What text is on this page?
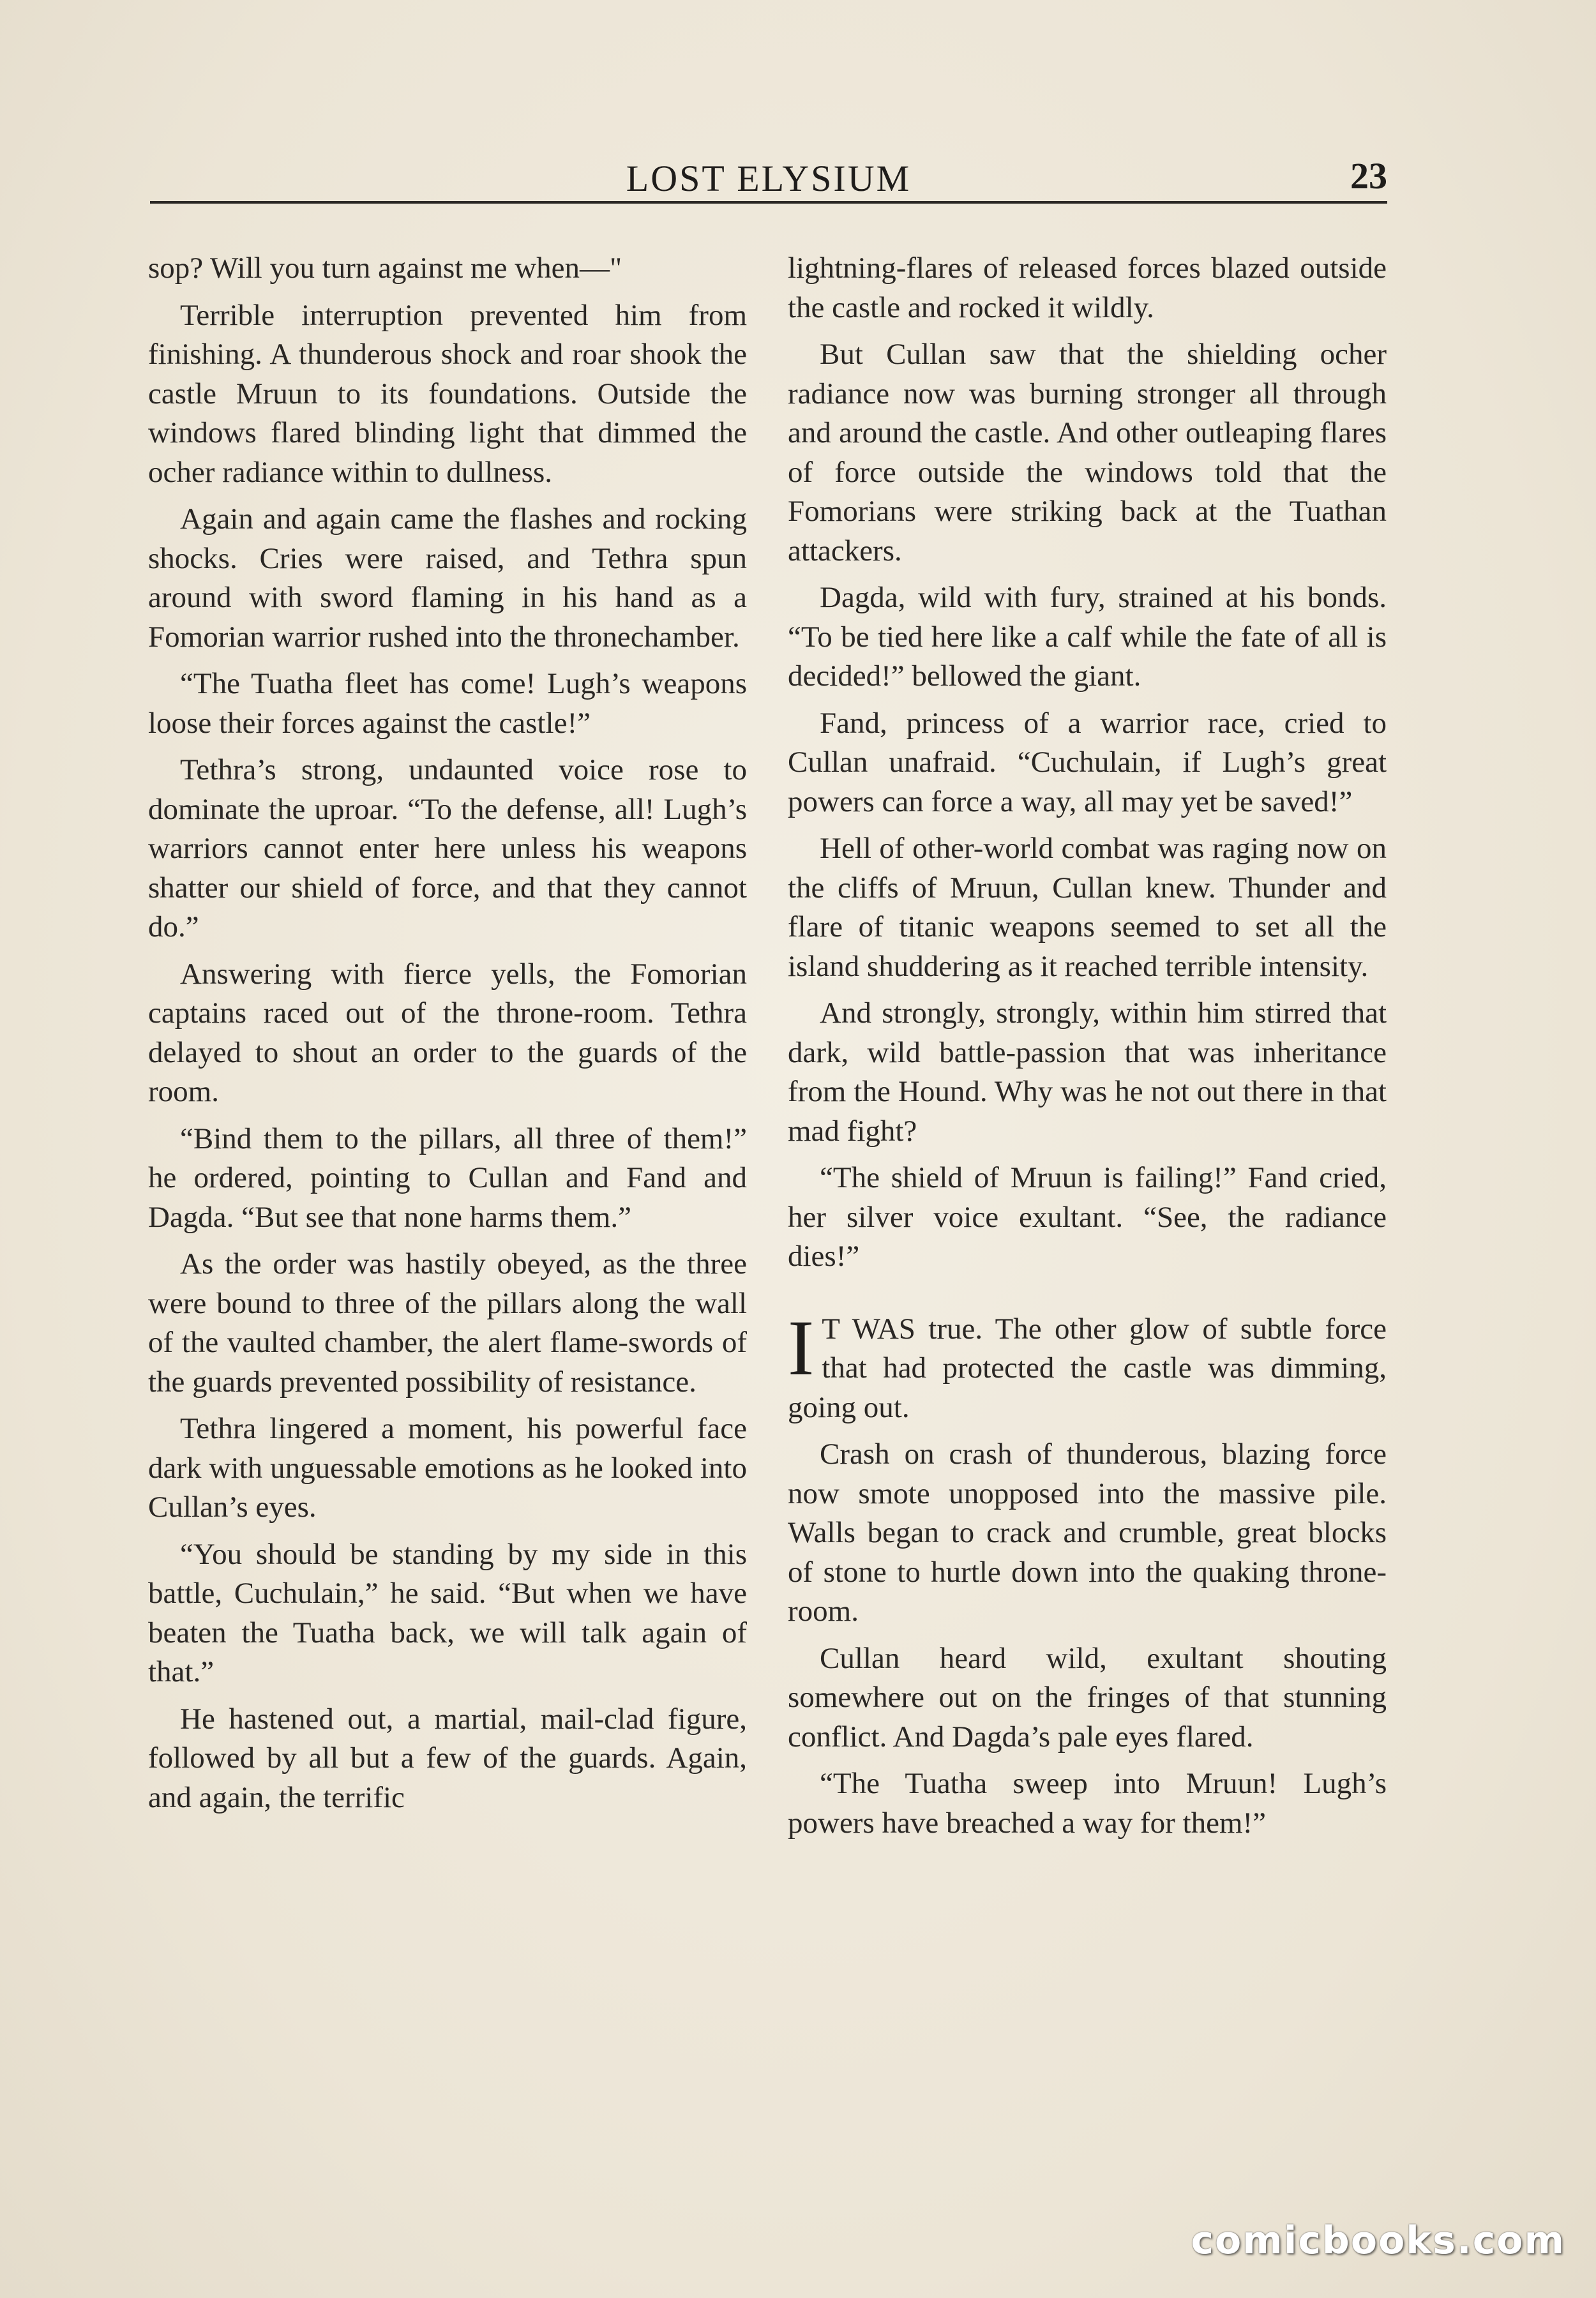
LOST ELYSIUM	23

sop? Will you turn against me when—"

Terrible interruption prevented him from finishing. A thunderous shock and roar shook the castle Mruun to its foundations. Outside the windows flared blinding light that dimmed the ocher radiance within to dullness.

Again and again came the flashes and rocking shocks. Cries were raised, and Tethra spun around with sword flaming in his hand as a Fomorian warrior rushed into the thronechamber.

“The Tuatha fleet has come! Lugh’s weapons loose their forces against the castle!”

Tethra’s strong, undaunted voice rose to dominate the uproar. “To the defense, all! Lugh’s warriors cannot enter here unless his weapons shatter our shield of force, and that they cannot do.”

Answering with fierce yells, the Fomorian captains raced out of the throne-room. Tethra delayed to shout an order to the guards of the room.

“Bind them to the pillars, all three of them!” he ordered, pointing to Cullan and Fand and Dagda. “But see that none harms them.”

As the order was hastily obeyed, as the three were bound to three of the pillars along the wall of the vaulted chamber, the alert flame-swords of the guards prevented possibility of resistance.

Tethra lingered a moment, his powerful face dark with unguessable emotions as he looked into Cullan’s eyes.

“You should be standing by my side in this battle, Cuchulain,” he said. “But when we have beaten the Tuatha back, we will talk again of that.”

He hastened out, a martial, mail-clad figure, followed by all but a few of the guards. Again, and again, the terrific

lightning-flares of released forces blazed outside the castle and rocked it wildly.

But Cullan saw that the shielding ocher radiance now was burning stronger all through and around the castle. And other outleaping flares of force outside the windows told that the Fomorians were striking back at the Tuathan attackers.

Dagda, wild with fury, strained at his bonds. “To be tied here like a calf while the fate of all is decided!” bellowed the giant.

Fand, princess of a warrior race, cried to Cullan unafraid. “Cuchulain, if Lugh’s great powers can force a way, all may yet be saved!”

Hell of other-world combat was raging now on the cliffs of Mruun, Cullan knew. Thunder and flare of titanic weapons seemed to set all the island shuddering as it reached terrible intensity.

And strongly, strongly, within him stirred that dark, wild battle-passion that was inheritance from the Hound. Why was he not out there in that mad fight?

“The shield of Mruun is failing!” Fand cried, her silver voice exultant. “See, the radiance dies!”

I T WAS true. The other glow of subtle force that had protected the castle was dimming, going out.

Crash on crash of thunderous, blazing force now smote unopposed into the massive pile. Walls began to crack and crumble, great blocks of stone to hurtle down into the quaking throne-room.

Cullan heard wild, exultant shouting somewhere out on the fringes of that stunning conflict. And Dagda’s pale eyes flared.

“The Tuatha sweep into Mruun! Lugh’s powers have breached a way for them!”

comicbooks.com
